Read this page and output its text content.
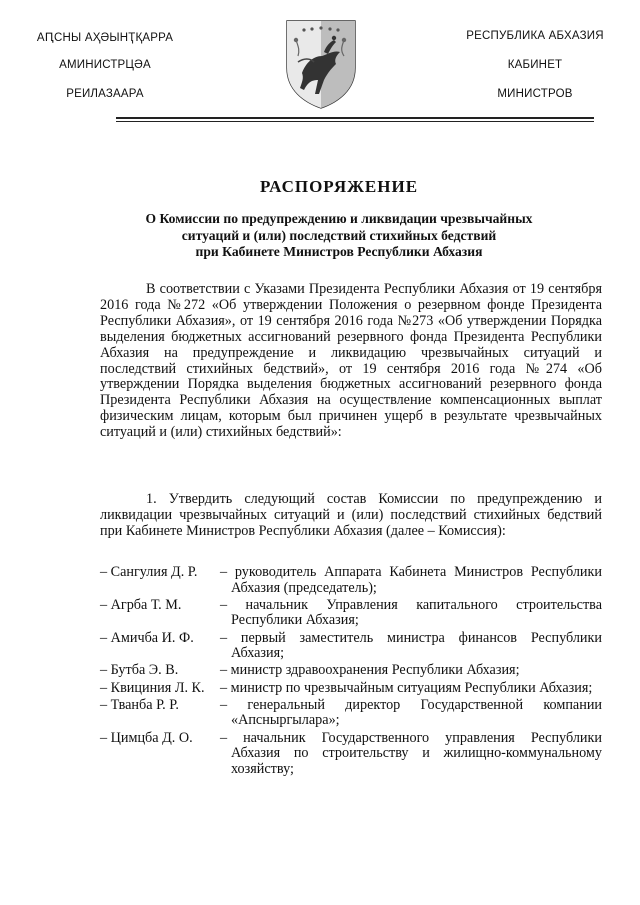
АԤСНЫ АҲӘЫНҬҚАРРА
АМИНИСТРЦӘА
РЕИЛАЗААРА
РЕСПУБЛИКА АБХАЗИЯ
КАБИНЕТ
МИНИСТРОВ
РАСПОРЯЖЕНИЕ
О Комиссии по предупреждению и ликвидации чрезвычайных
ситуаций и (или) последствий стихийных бедствий
при Кабинете Министров Республики Абхазия
В соответствии с Указами Президента Республики Абхазия от 19 сентября 2016 года №272 «Об утверждении Положения о резервном фонде Президента Республики Абхазия», от 19 сентября 2016 года №273 «Об утверждении Порядка выделения бюджетных ассигнований резервного фонда Президента Республики Абхазия на предупреждение и ликвидацию чрезвычайных ситуаций и последствий стихийных бедствий», от 19 сентября 2016 года №274 «Об утверждении Порядка выделения бюджетных ассигнований резервного фонда Президента Республики Абхазия на осуществление компенсационных выплат физическим лицам, которым был причинен ущерб в результате чрезвычайных ситуаций и (или) стихийных бедствий»:
1. Утвердить следующий состав Комиссии по предупреждению и ликвидации чрезвычайных ситуаций и (или) последствий стихийных бедствий при Кабинете Министров Республики Абхазия (далее – Комиссия):
– Сангулия Д. Р.	– руководитель Аппарата Кабинета Министров Республики Абхазия (председатель);
– Агрба Т. М.	– начальник Управления капитального строительства Республики Абхазия;
– Амичба И. Ф.	– первый заместитель министра финансов Республики Абхазия;
– Бутба Э. В.	– министр здравоохранения Республики Абхазия;
– Квициния Л. К.	– министр по чрезвычайным ситуациям Республики Абхазия;
– Тванба Р. Р.	– генеральный директор Государственной компании «Апсныргылара»;
– Цимцба Д. О.	– начальник Государственного управления Республики Абхазия по строительству и жилищно-коммунальному хозяйству;
